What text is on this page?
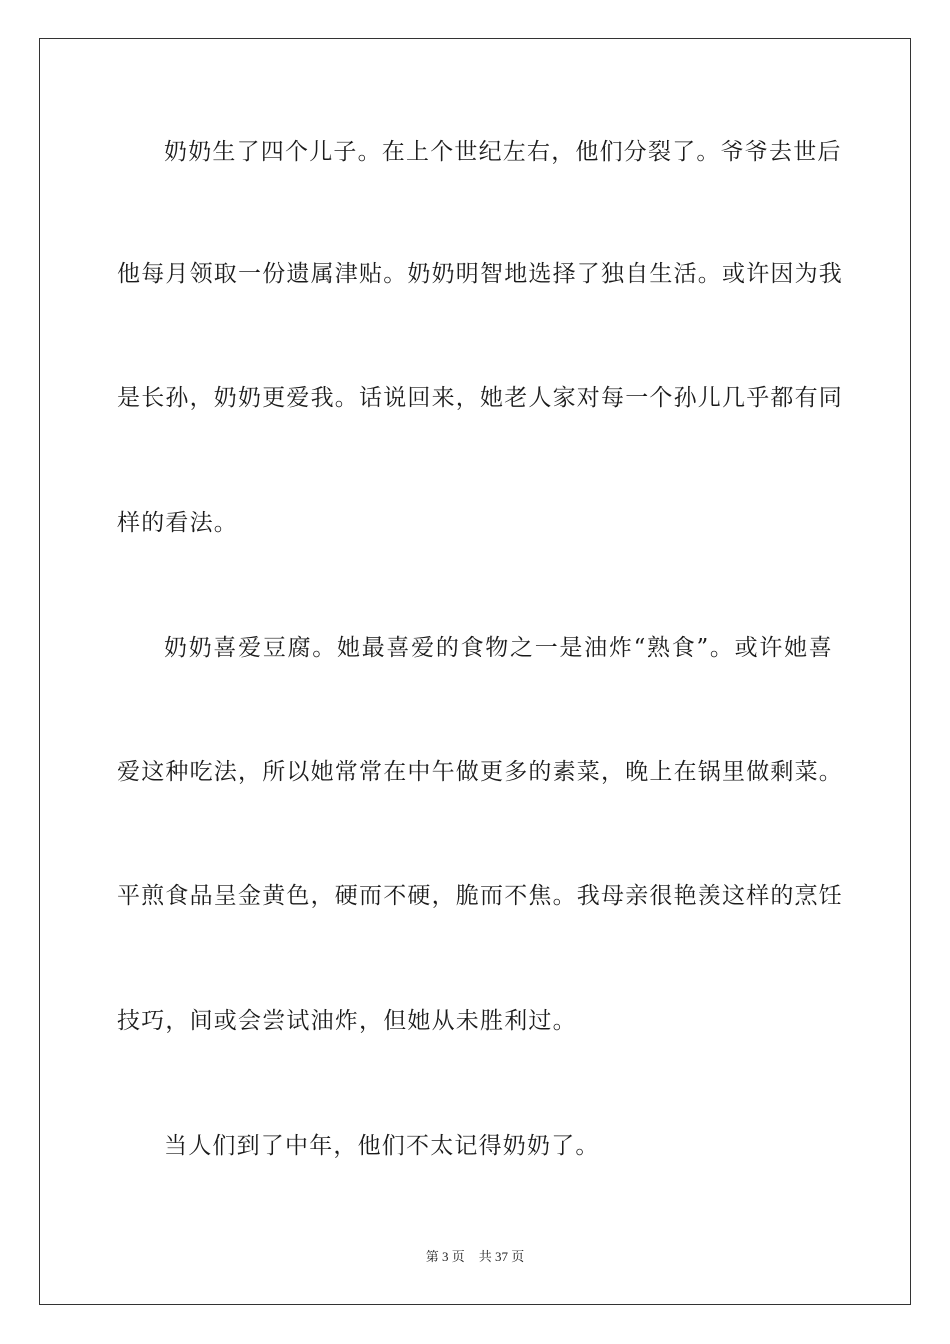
奶奶生了四个儿子。在上个世纪左右，他们分裂了。爷爷去世后
他每月领取一份遗属津贴。奶奶明智地选择了独自生活。或许因为我
是长孙，奶奶更爱我。话说回来，她老人家对每一个孙儿几乎都有同
样的看法。
奶奶喜爱豆腐。她最喜爱的食物之一是油炸“熟食”。或许她喜
爱这种吃法，所以她常常在中午做更多的素菜，晚上在锅里做剩菜。
平煎食品呈金黄色，硬而不硬，脆而不焦。我母亲很艳羡这样的烹饪
技巧，间或会尝试油炸，但她从未胜利过。
当人们到了中年，他们不太记得奶奶了。
第 3 页 共 37 页
